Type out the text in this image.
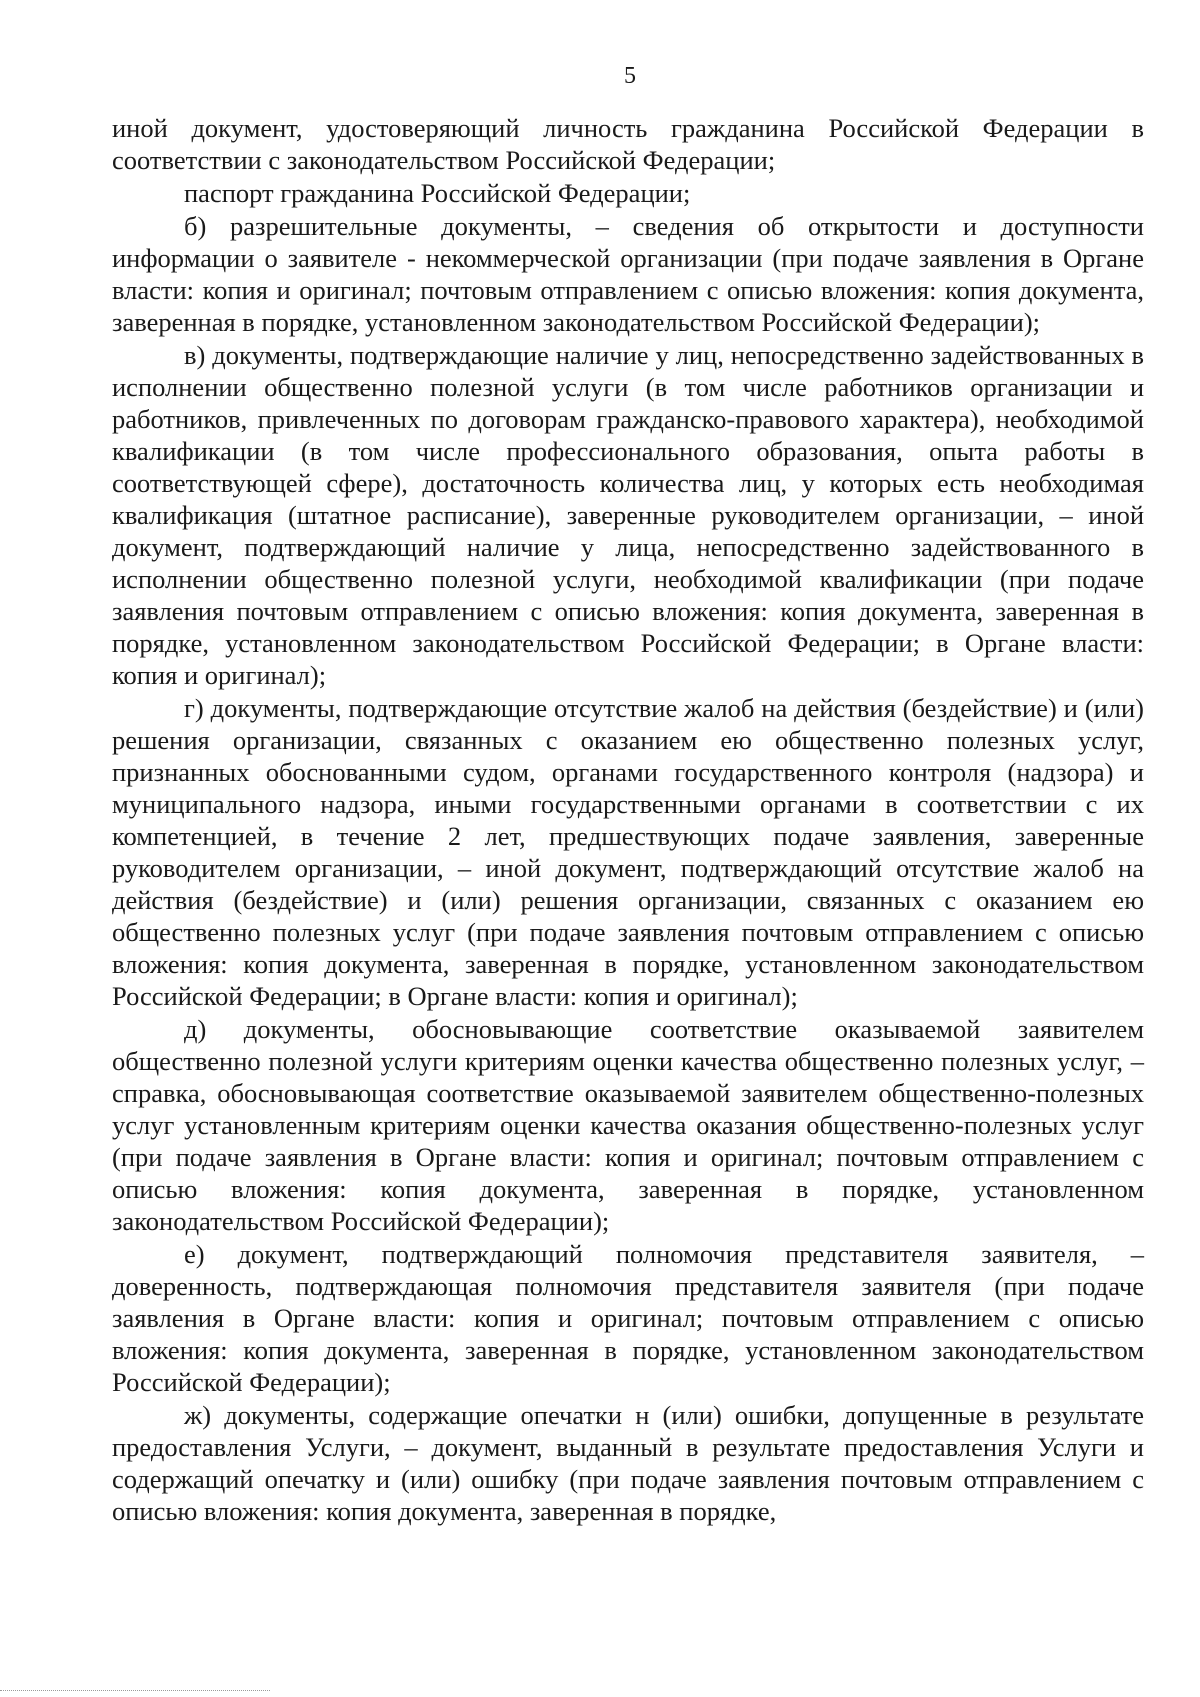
5

иной документ, удостоверяющий личность гражданина Российской Федерации в соответствии с законодательством Российской Федерации;

паспорт гражданина Российской Федерации;

б) разрешительные документы, – сведения об открытости и доступности информации о заявителе - некоммерческой организации (при подаче заявления в Органе власти: копия и оригинал; почтовым отправлением с описью вложения: копия документа, заверенная в порядке, установленном законодательством Российской Федерации);

в) документы, подтверждающие наличие у лиц, непосредственно задействованных в исполнении общественно полезной услуги (в том числе работников организации и работников, привлеченных по договорам гражданско-правового характера), необходимой квалификации (в том числе профессионального образования, опыта работы в соответствующей сфере), достаточность количества лиц, у которых есть необходимая квалификация (штатное расписание), заверенные руководителем организации, – иной документ, подтверждающий наличие у лица, непосредственно задействованного в исполнении общественно полезной услуги, необходимой квалификации (при подаче заявления почтовым отправлением с описью вложения: копия документа, заверенная в порядке, установленном законодательством Российской Федерации; в Органе власти: копия и оригинал);

г) документы, подтверждающие отсутствие жалоб на действия (бездействие) и (или) решения организации, связанных с оказанием ею общественно полезных услуг, признанных обоснованными судом, органами государственного контроля (надзора) и муниципального надзора, иными государственными органами в соответствии с их компетенцией, в течение 2 лет, предшествующих подаче заявления, заверенные руководителем организации, – иной документ, подтверждающий отсутствие жалоб на действия (бездействие) и (или) решения организации, связанных с оказанием ею общественно полезных услуг (при подаче заявления почтовым отправлением с описью вложения: копия документа, заверенная в порядке, установленном законодательством Российской Федерации; в Органе власти: копия и оригинал);

д) документы, обосновывающие соответствие оказываемой заявителем общественно полезной услуги критериям оценки качества общественно полезных услуг, – справка, обосновывающая соответствие оказываемой заявителем общественно-полезных услуг установленным критериям оценки качества оказания общественно-полезных услуг (при подаче заявления в Органе власти: копия и оригинал; почтовым отправлением с описью вложения: копия документа, заверенная в порядке, установленном законодательством Российской Федерации);

е) документ, подтверждающий полномочия представителя заявителя, – доверенность, подтверждающая полномочия представителя заявителя (при подаче заявления в Органе власти: копия и оригинал; почтовым отправлением с описью вложения: копия документа, заверенная в порядке, установленном законодательством Российской Федерации);

ж) документы, содержащие опечатки н (или) ошибки, допущенные в результате предоставления Услуги, – документ, выданный в результате предоставления Услуги и содержащий опечатку и (или) ошибку (при подаче заявления почтовым отправлением с описью вложения: копия документа, заверенная в порядке,
